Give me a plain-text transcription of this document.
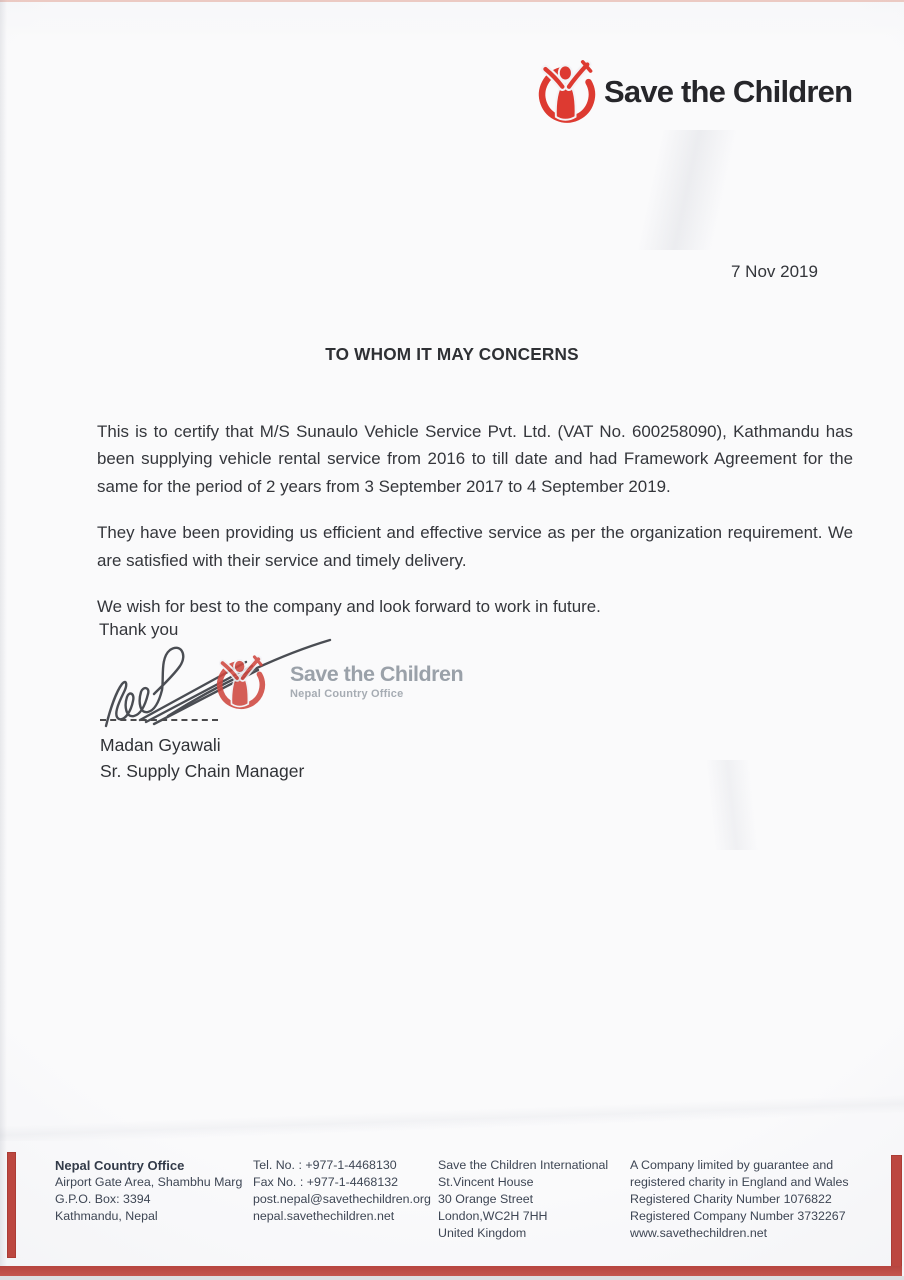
Save the Children
7 Nov 2019
TO WHOM IT MAY CONCERNS

This is to certify that M/S Sunaulo Vehicle Service Pvt. Ltd. (VAT No. 600258090), Kathmandu has been supplying vehicle rental service from 2016 to till date and had Framework Agreement for the same for the period of 2 years from 3 September 2017 to 4 September 2019.

They have been providing us efficient and effective service as per the organization requirement. We are satisfied with their service and timely delivery.

We wish for best to the company and look forward to work in future.

Thank you
Save the Children
Nepal Country Office
Madan Gyawali
Sr. Supply Chain Manager
Nepal Country Office
Airport Gate Area, Shambhu Marg
G.P.O. Box: 3394
Kathmandu, Nepal
Tel. No. : +977-1-4468130
Fax No. : +977-1-4468132
post.nepal@savethechildren.org
nepal.savethechildren.net
Save the Children International
St.Vincent House
30 Orange Street
London,WC2H 7HH
United Kingdom
A Company limited by guarantee and
registered charity in England and Wales
Registered Charity Number 1076822
Registered Company Number 3732267
www.savethechildren.net
